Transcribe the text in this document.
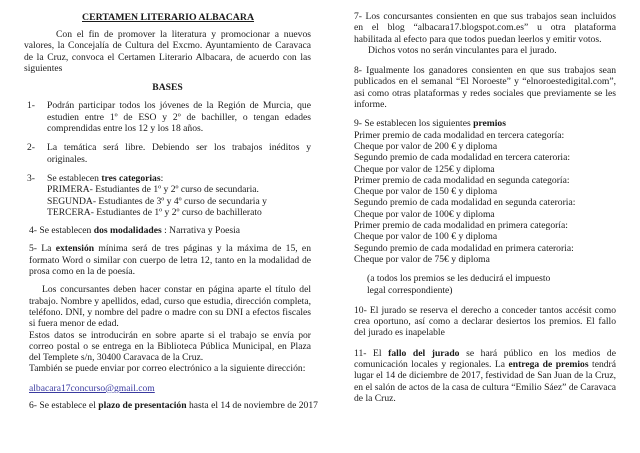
CERTAMEN LITERARIO ALBACARA

Con el fin de promover la literatura y promocionar a nuevos valores, la Concejalía de Cultura del Excmo. Ayuntamiento de Caravaca de la Cruz, convoca el Certamen Literario Albacara, de acuerdo con las siguientes

BASES
1- Podrán participar todos los jóvenes de la Región de Murcia, que estudien entre 1º de ESO y 2º de bachiller, o tengan edades comprendidas entre los 12 y los 18 años.

2- La temática será libre. Debiendo ser los trabajos inéditos y originales.

3- Se establecen tres categorias:

PRIMERA- Estudiantes de 1º y 2º curso de secundaria.

SEGUNDA- Estudiantes de 3º y 4º curso de secundaria y

TERCERA- Estudiantes de 1º y 2º curso de bachillerato

4- Se establecen dos modalidades : Narrativa y Poesia

5- La extensión mínima será de tres páginas y la máxima de 15, en formato Word o similar con cuerpo de letra 12, tanto en la modalidad de prosa como en la de poesía.

Los concursantes deben hacer constar en página aparte el título del trabajo. Nombre y apellidos, edad, curso que estudia, dirección completa, teléfono. DNI, y nombre del padre o madre con su DNI a efectos fiscales si fuera menor de edad.

Estos datos se introducirán en sobre aparte si el trabajo se envía por correo postal o se entrega en la Biblioteca Pública Municipal, en Plaza del Templete s/n, 30400 Caravaca de la Cruz.

También se puede enviar por correo electrónico a la siguiente dirección:

albacara17concurso@gmail.com

6- Se establece el plazo de presentación hasta el 14 de noviembre de 2017

7- Los concursantes consienten en que sus trabajos sean incluidos en el blog “albacara17.blogspot.com.es” u otra plataforma habilitada al efecto para que todos puedan leerlos y emitir votos.

Dichos votos no serán vinculantes para el jurado.

8- Igualmente los ganadores consienten en que sus trabajos sean publicados en el semanal “El Noroeste” y “elnoroestedigital.com”, asi como otras plataformas y redes sociales que previamente se les informe.

9- Se establecen los siguientes premios

Primer premio de cada modalidad en tercera categoría:

Cheque por valor de 200 € y diploma

Segundo premio de cada modalidad en tercera cateroria:

Cheque por valor de 125€ y diploma

Primer premio de cada modalidad en segunda categoría:

Cheque por valor de 150 € y diploma

Segundo premio de cada modalidad en segunda cateroria:

Cheque por valor de 100€ y diploma

Primer premio de cada modalidad en primera categoría:

Cheque por valor de 100 € y diploma

Segundo premio de cada modalidad en primera cateroria:

Cheque por valor de 75€ y diploma

(a todos los premios se les deducirá el impuesto legal correspondiente)

10- El jurado se reserva el derecho a conceder tantos accésit como crea oportuno, así como a declarar desiertos los premios. El fallo del jurado es inapelable

11- El fallo del jurado se hará público en los medios de comunicación locales y regionales. La entrega de premios tendrá lugar el 14 de diciembre de 2017, festividad de San Juan de la Cruz, en el salón de actos de la casa de cultura “Emilio Sáez” de Caravaca de la Cruz.
